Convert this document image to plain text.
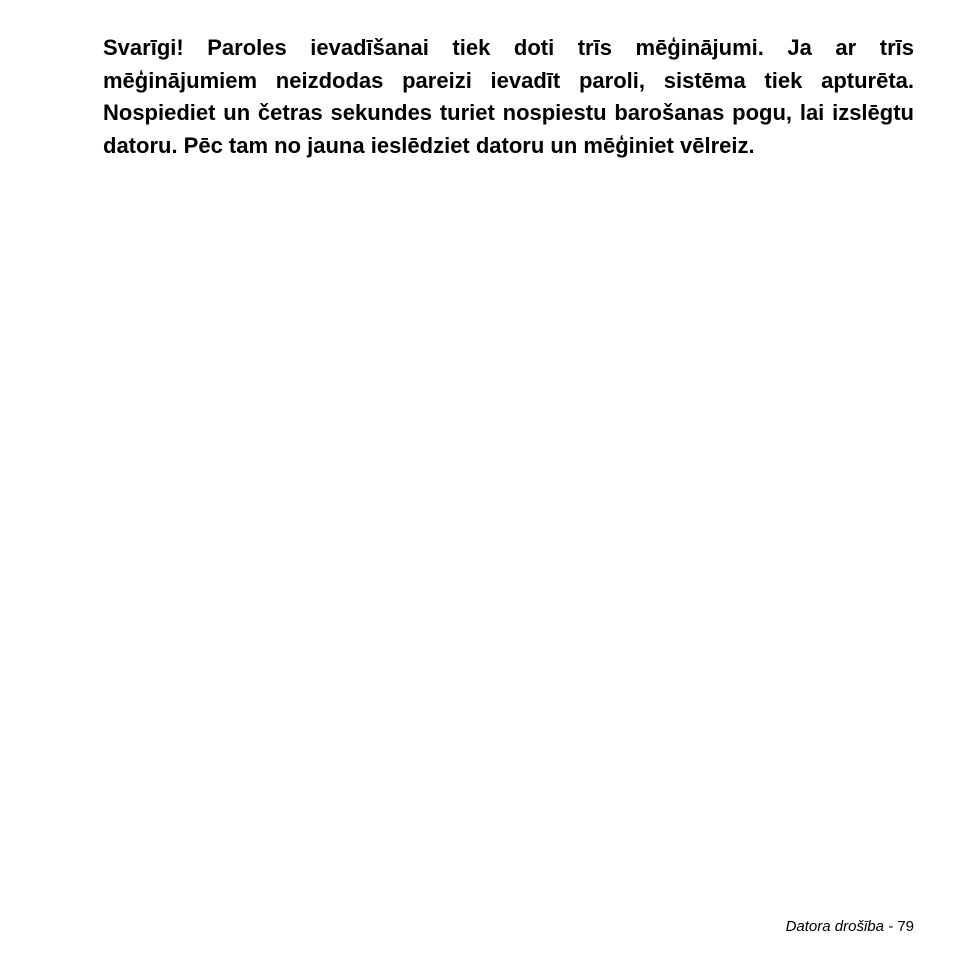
Svarīgi! Paroles ievadīšanai tiek doti trīs mēģinājumi. Ja ar trīs mēģinājumiem neizdodas pareizi ievadīt paroli, sistēma tiek apturēta. Nospiediet un četras sekundes turiet nospiestu barošanas pogu, lai izslēgtu datoru. Pēc tam no jauna ieslēdziet datoru un mēģiniet vēlreiz.

Datora drošība - 79
